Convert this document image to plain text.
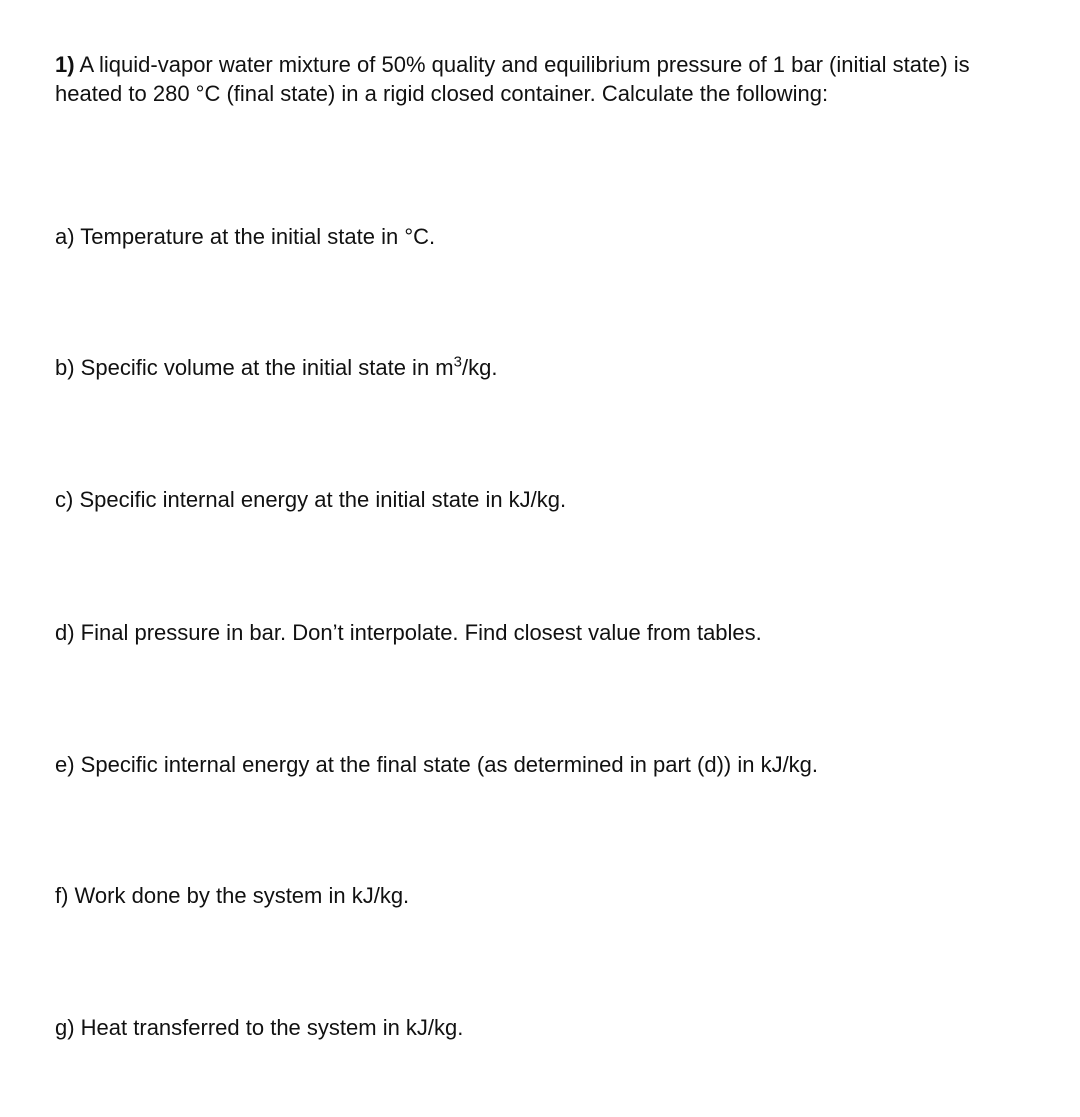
1) A liquid-vapor water mixture of 50% quality and equilibrium pressure of 1 bar (initial state) is heated to 280 °C (final state) in a rigid closed container. Calculate the following:

a) Temperature at the initial state in °C.

b) Specific volume at the initial state in $m^3/kg$.

c) Specific internal energy at the initial state in kJ/kg.

d) Final pressure in bar. Don’t interpolate. Find closest value from tables.

e) Specific internal energy at the final state (as determined in part (d)) in kJ/kg.

f) Work done by the system in kJ/kg.

g) Heat transferred to the system in kJ/kg.
